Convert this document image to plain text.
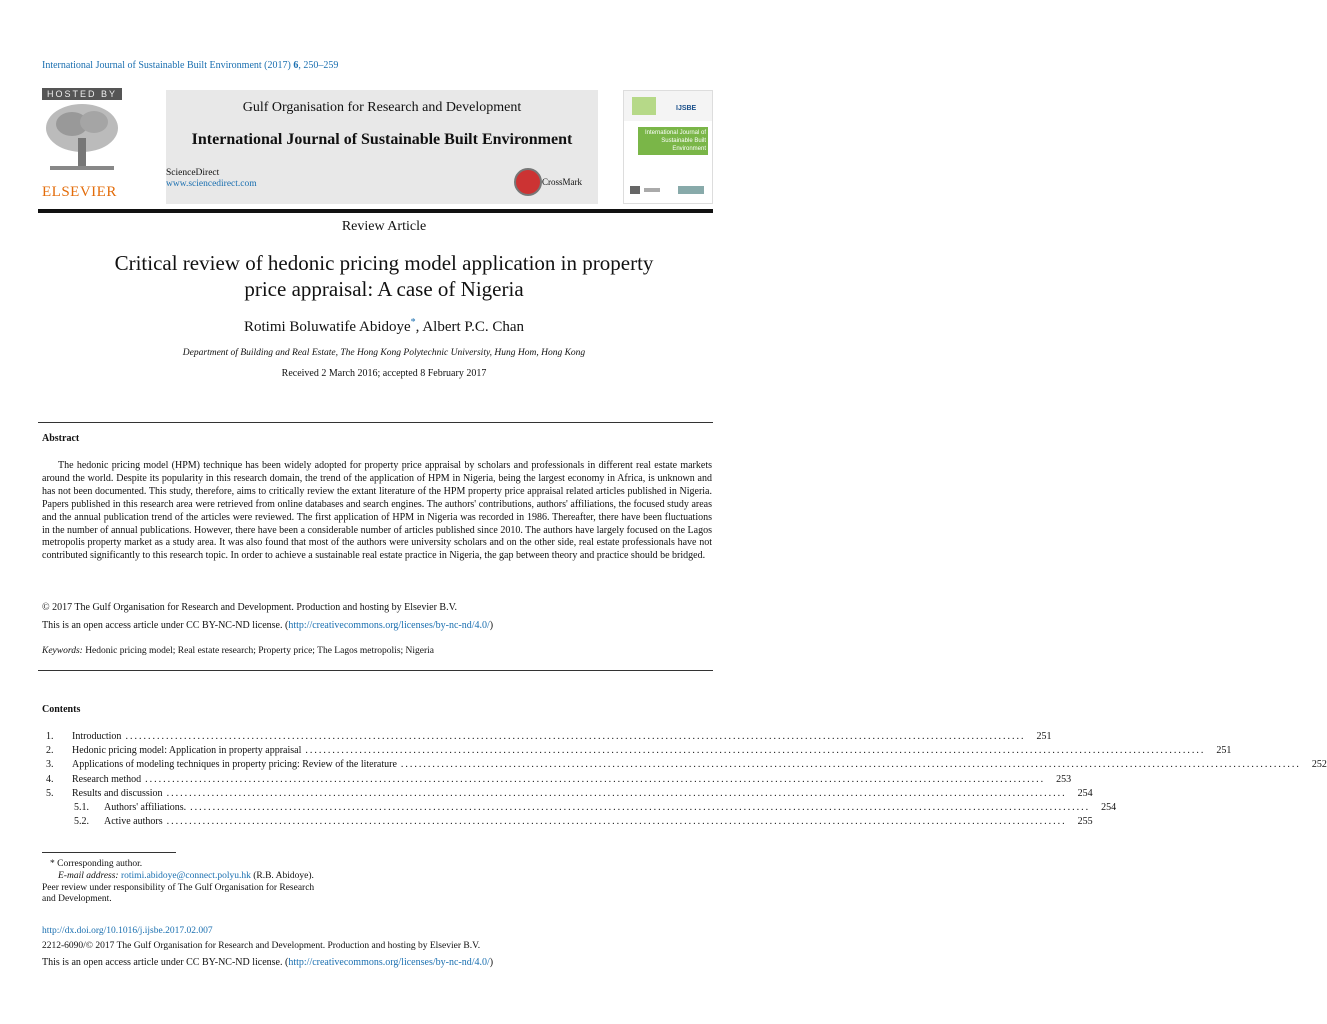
International Journal of Sustainable Built Environment (2017) 6, 250–259
HOSTED BY
ELSEVIER
Gulf Organisation for Research and Development
International Journal of Sustainable Built Environment
ScienceDirect
www.sciencedirect.com	CrossMark
IJSBE
International Journal of Sustainable Built Environment
Review Article
Critical review of hedonic pricing model application in property
price appraisal: A case of Nigeria
Rotimi Boluwatife Abidoye*, Albert P.C. Chan
Department of Building and Real Estate, The Hong Kong Polytechnic University, Hung Hom, Hong Kong
Received 2 March 2016; accepted 8 February 2017
Abstract

The hedonic pricing model (HPM) technique has been widely adopted for property price appraisal by scholars and professionals in different real estate markets around the world. Despite its popularity in this research domain, the trend of the application of HPM in Nigeria, being the largest economy in Africa, is unknown and has not been documented. This study, therefore, aims to critically review the extant literature of the HPM property price appraisal related articles published in Nigeria. Papers published in this research area were retrieved from online databases and search engines. The authors' contributions, authors' affiliations, the focused study areas and the annual publication trend of the articles were reviewed. The first application of HPM in Nigeria was recorded in 1986. Thereafter, there have been fluctuations in the number of annual publications. However, there have been a considerable number of articles published since 2010. The authors have largely focused on the Lagos metropolis property market as a study area. It was also found that most of the authors were university scholars and on the other side, real estate professionals have not contributed significantly to this research topic. In order to achieve a sustainable real estate practice in Nigeria, the gap between theory and practice should be bridged.

© 2017 The Gulf Organisation for Research and Development. Production and hosting by Elsevier B.V.
This is an open access article under CC BY-NC-ND license. (http://creativecommons.org/licenses/by-nc-nd/4.0/)
Keywords: Hedonic pricing model; Real estate research; Property price; The Lagos metropolis; Nigeria
Contents
1.	Introduction ........................................................................................................................................................................................................	251
2.	Hedonic pricing model: Application in property appraisal ........................................................................................................................................................................................................	251
3.	Applications of modeling techniques in property pricing: Review of the literature ........................................................................................................................................................................................................	252
4.	Research method ........................................................................................................................................................................................................	253
5.	Results and discussion ........................................................................................................................................................................................................	254
5.1.	Authors' affiliations. ........................................................................................................................................................................................................	254
5.2.	Active authors ........................................................................................................................................................................................................	255
* Corresponding author.
E-mail address: rotimi.abidoye@connect.polyu.hk (R.B. Abidoye).
Peer review under responsibility of The Gulf Organisation for Research
and Development.
http://dx.doi.org/10.1016/j.ijsbe.2017.02.007
2212-6090/© 2017 The Gulf Organisation for Research and Development. Production and hosting by Elsevier B.V.
This is an open access article under CC BY-NC-ND license. (http://creativecommons.org/licenses/by-nc-nd/4.0/)
